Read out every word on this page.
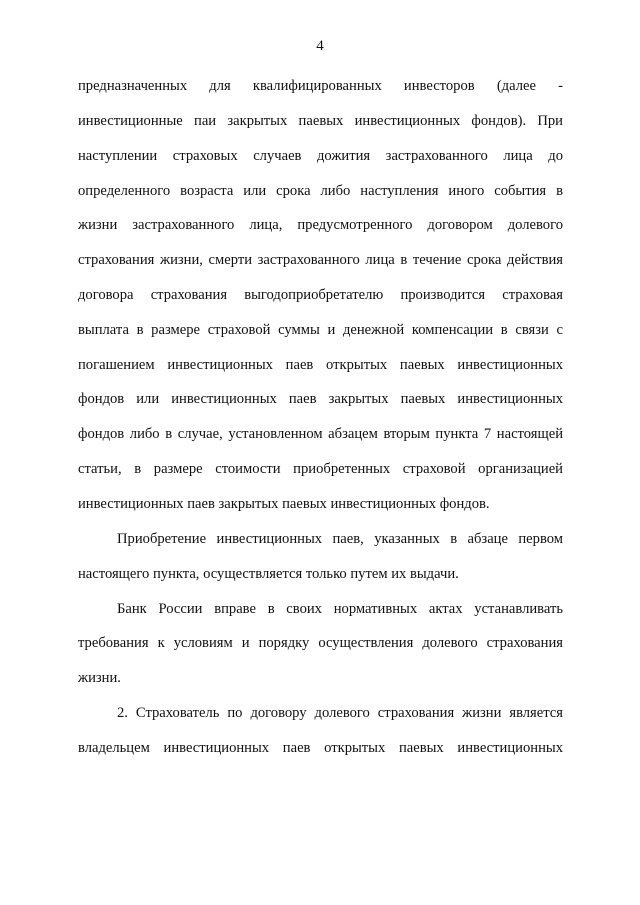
4
предназначенных для квалифицированных инвесторов (далее -
инвестиционные паи закрытых паевых инвестиционных фондов). При
наступлении страховых случаев дожития застрахованного лица до
определенного возраста или срока либо наступления иного события в
жизни застрахованного лица, предусмотренного договором долевого
страхования жизни, смерти застрахованного лица в течение срока действия
договора страхования выгодоприобретателю производится страховая
выплата в размере страховой суммы и денежной компенсации в связи с
погашением инвестиционных паев открытых паевых инвестиционных
фондов или инвестиционных паев закрытых паевых инвестиционных
фондов либо в случае, установленном абзацем вторым пункта 7 настоящей
статьи, в размере стоимости приобретенных страховой организацией
инвестиционных паев закрытых паевых инвестиционных фондов.
Приобретение инвестиционных паев, указанных в абзаце первом
настоящего пункта, осуществляется только путем их выдачи.
Банк России вправе в своих нормативных актах устанавливать
требования к условиям и порядку осуществления долевого страхования
жизни.
2. Страхователь по договору долевого страхования жизни является
владельцем инвестиционных паев открытых паевых инвестиционных
